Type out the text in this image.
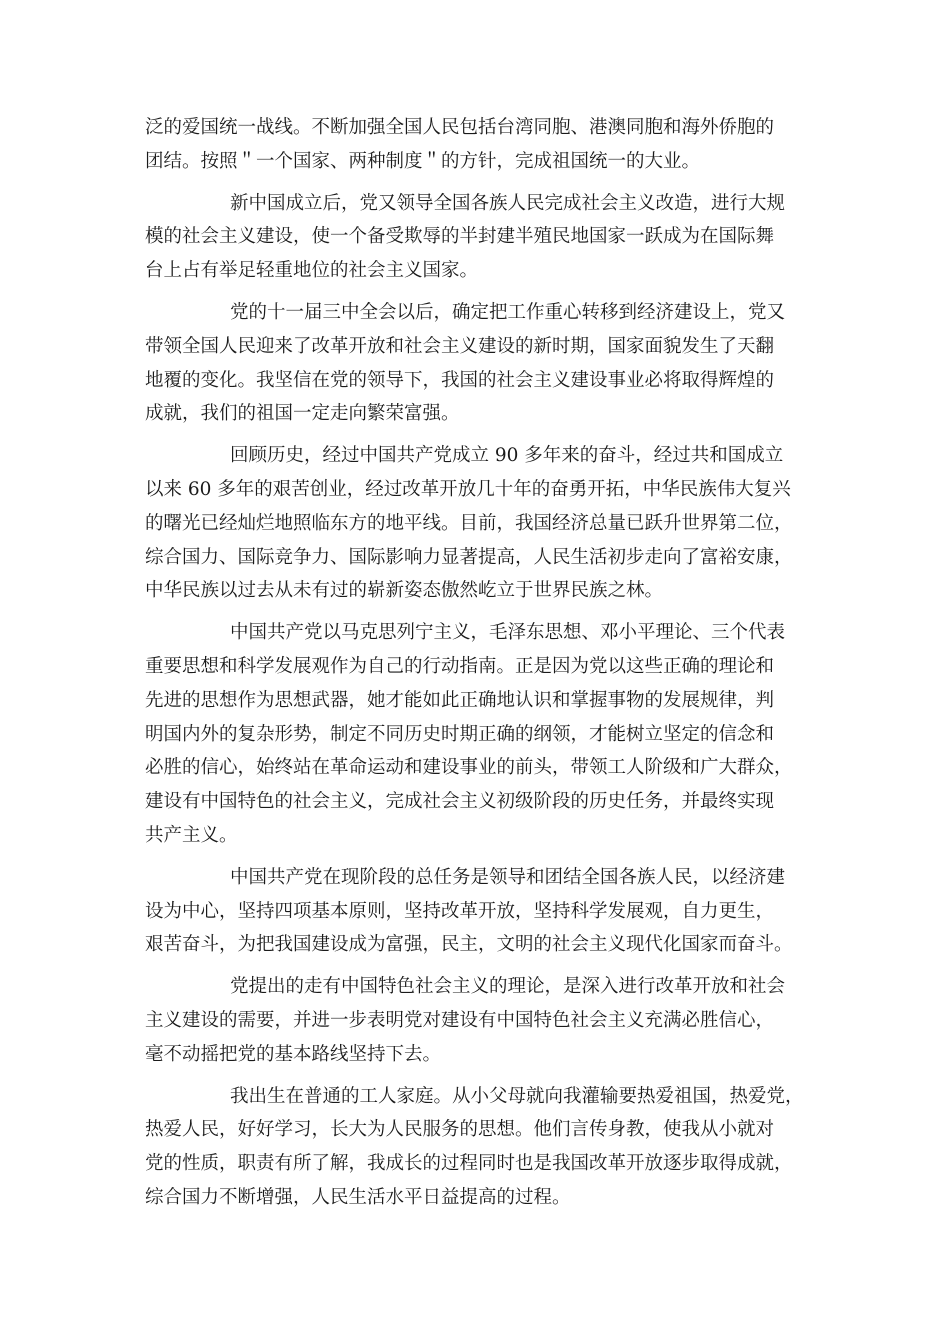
泛的爱国统一战线。不断加强全国人民包括台湾同胞、港澳同胞和海外侨胞的
团结。按照＂一个国家、两种制度＂的方针，完成祖国统一的大业。
新中国成立后，党又领导全国各族人民完成社会主义改造，进行大规
模的社会主义建设，使一个备受欺辱的半封建半殖民地国家一跃成为在国际舞
台上占有举足轻重地位的社会主义国家。
党的十一届三中全会以后，确定把工作重心转移到经济建设上，党又
带领全国人民迎来了改革开放和社会主义建设的新时期，国家面貌发生了天翻
地覆的变化。我坚信在党的领导下，我国的社会主义建设事业必将取得辉煌的
成就，我们的祖国一定走向繁荣富强。
回顾历史，经过中国共产党成立 90 多年来的奋斗，经过共和国成立
以来 60 多年的艰苦创业，经过改革开放几十年的奋勇开拓，中华民族伟大复兴
的曙光已经灿烂地照临东方的地平线。目前，我国经济总量已跃升世界第二位，
综合国力、国际竞争力、国际影响力显著提高，人民生活初步走向了富裕安康，
中华民族以过去从未有过的崭新姿态傲然屹立于世界民族之林。
中国共产党以马克思列宁主义，毛泽东思想、邓小平理论、三个代表
重要思想和科学发展观作为自己的行动指南。正是因为党以这些正确的理论和
先进的思想作为思想武器，她才能如此正确地认识和掌握事物的发展规律，判
明国内外的复杂形势，制定不同历史时期正确的纲领，才能树立坚定的信念和
必胜的信心，始终站在革命运动和建设事业的前头，带领工人阶级和广大群众，
建设有中国特色的社会主义，完成社会主义初级阶段的历史任务，并最终实现
共产主义。
中国共产党在现阶段的总任务是领导和团结全国各族人民，以经济建
设为中心，坚持四项基本原则，坚持改革开放，坚持科学发展观，自力更生，
艰苦奋斗，为把我国建设成为富强，民主，文明的社会主义现代化国家而奋斗。
党提出的走有中国特色社会主义的理论，是深入进行改革开放和社会
主义建设的需要，并进一步表明党对建设有中国特色社会主义充满必胜信心，
毫不动摇把党的基本路线坚持下去。
我出生在普通的工人家庭。从小父母就向我灌输要热爱祖国，热爱党，
热爱人民，好好学习，长大为人民服务的思想。他们言传身教，使我从小就对
党的性质，职责有所了解，我成长的过程同时也是我国改革开放逐步取得成就，
综合国力不断增强，人民生活水平日益提高的过程。
